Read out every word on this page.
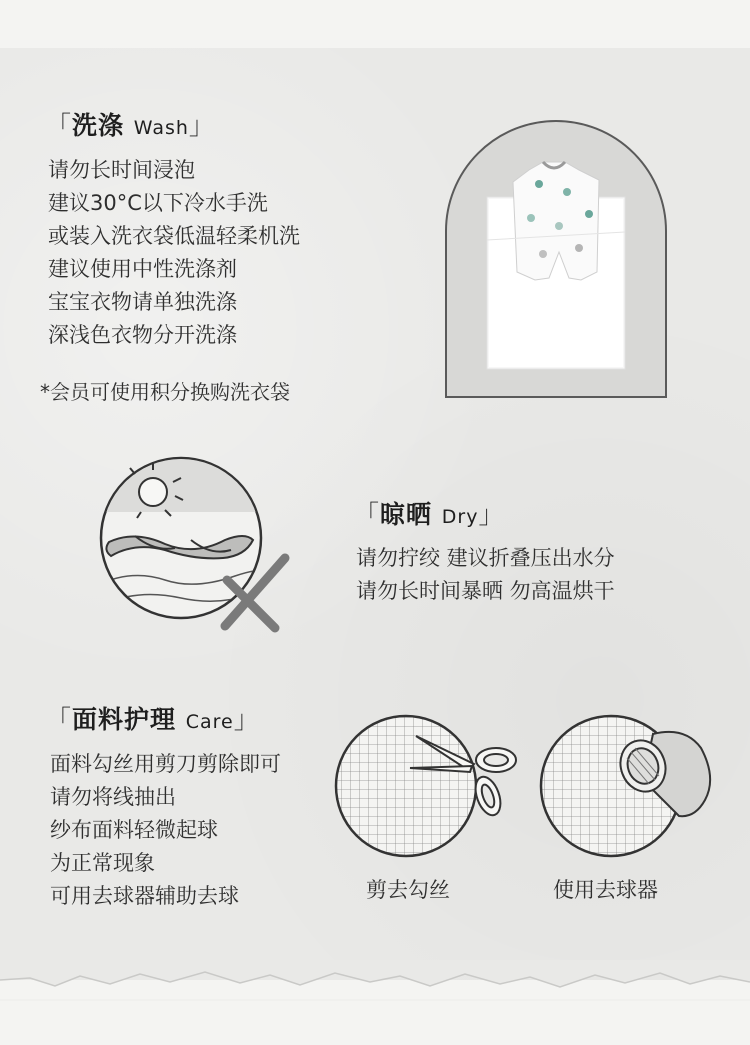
「洗涤 Wash」
请勿长时间浸泡
建议30°C以下冷水手洗
或装入洗衣袋低温轻柔机洗
建议使用中性洗涤剂
宝宝衣物请单独洗涤
深浅色衣物分开洗涤
*会员可使用积分换购洗衣袋
「晾晒 Dry」
请勿拧绞 建议折叠压出水分
请勿长时间暴晒 勿高温烘干
「面料护理 Care」
面料勾丝用剪刀剪除即可
请勿将线抽出
纱布面料轻微起球
为正常现象
可用去球器辅助去球	剪去勾丝	使用去球器
